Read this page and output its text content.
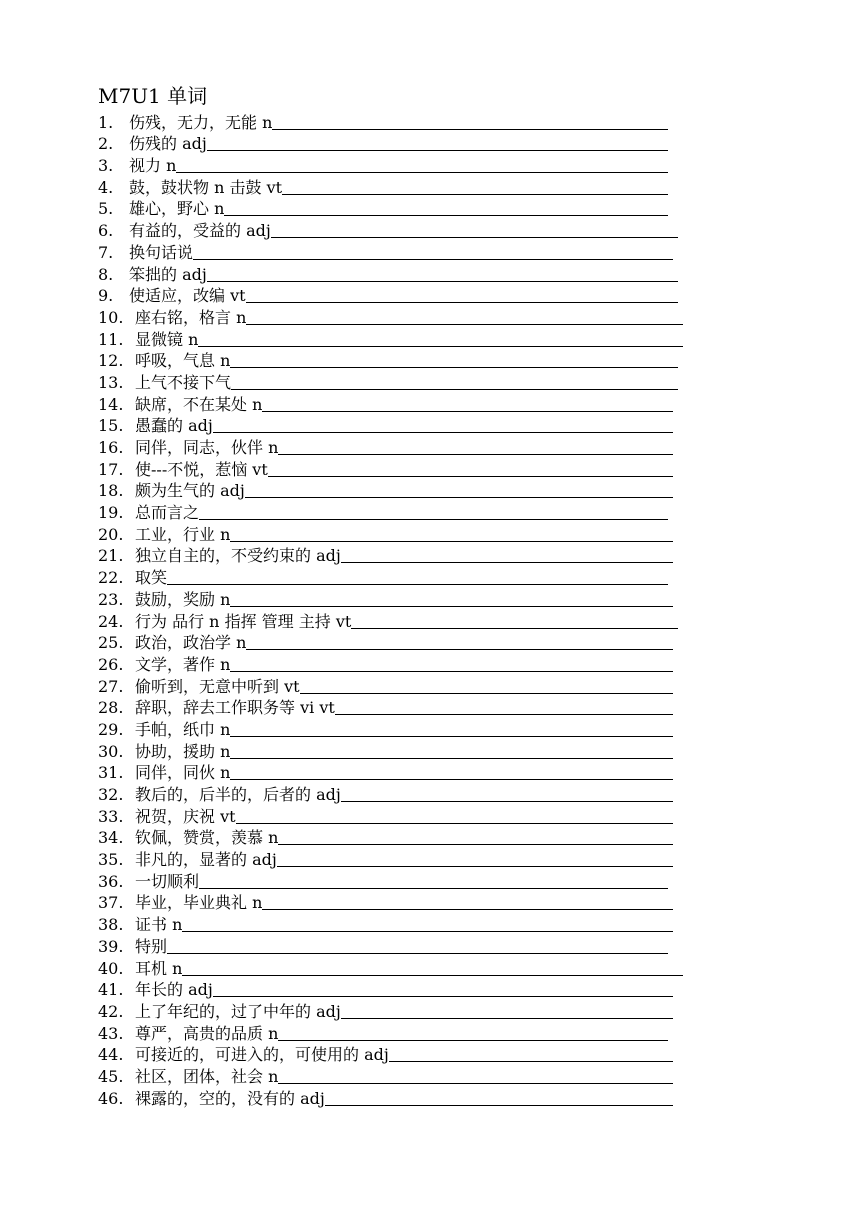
M7U1 单词
1. 伤残，无力，无能 n
2. 伤残的 adj
3. 视力 n
4. 鼓，鼓状物 n 击鼓 vt
5. 雄心，野心 n
6. 有益的，受益的 adj
7. 换句话说
8. 笨拙的 adj
9. 使适应，改编 vt
10. 座右铭，格言 n
11. 显微镜 n
12. 呼吸，气息 n
13. 上气不接下气
14. 缺席，不在某处 n
15. 愚蠢的 adj
16. 同伴，同志，伙伴 n
17. 使---不悦，惹恼 vt
18. 颇为生气的 adj
19. 总而言之
20. 工业，行业 n
21. 独立自主的，不受约束的 adj
22. 取笑
23. 鼓励，奖励 n
24. 行为 品行 n 指挥 管理 主持 vt
25. 政治，政治学 n
26. 文学，著作 n
27. 偷听到，无意中听到 vt
28. 辞职，辞去工作职务等 vi vt
29. 手帕，纸巾 n
30. 协助，援助 n
31. 同伴，同伙 n
32. 教后的，后半的，后者的 adj
33. 祝贺，庆祝 vt
34. 钦佩，赞赏，羡慕 n
35. 非凡的，显著的 adj
36. 一切顺利
37. 毕业，毕业典礼 n
38. 证书 n
39. 特别
40. 耳机 n
41. 年长的 adj
42. 上了年纪的，过了中年的 adj
43. 尊严，高贵的品质 n
44. 可接近的，可进入的，可使用的 adj
45. 社区，团体，社会 n
46. 裸露的，空的，没有的 adj
